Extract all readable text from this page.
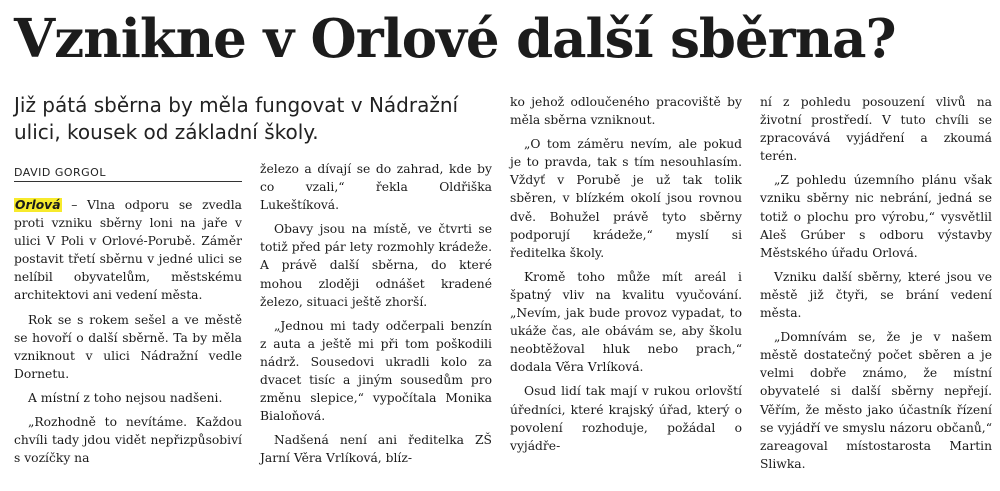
Vznikne v Orlové další sběrna?
Již pátá sběrna by měla fungovat v Nádražní ulici, kousek od základní školy.
DAVID GORGOL

Orlová – Vlna odporu se zvedla proti vzniku sběrny loni na jaře v ulici V Poli v Orlové-Porubě. Záměr postavit třetí sběrnu v jedné ulici se nelíbil obyvatelům, městskému architektovi ani vedení města.

Rok se s rokem sešel a ve městě se hovoří o další sběrně. Ta by měla vzniknout v ulici Nádražní vedle Dornetu.

A místní z toho nejsou nadšeni.

„Rozhodně to nevítáme. Každou chvíli tady jdou vidět nepřizpůsobiví s vozíčky na

železo a dívají se do zahrad, kde by co vzali,“ řekla Oldřiška Lukeštíková.

Obavy jsou na místě, ve čtvrti se totiž před pár lety rozmohly krádeže. A právě další sběrna, do které mohou zloději odnášet kradené železo, situaci ještě zhorší.

„Jednou mi tady odčerpali benzín z auta a ještě mi při tom poškodili nádrž. Sousedovi ukradli kolo za dvacet tisíc a jiným sousedům pro změnu slepice,“ vypočítala Monika Bialoňová.

Nadšená není ani ředitelka ZŠ Jarní Věra Vrlíková, blíz-

ko jehož odloučeného pracoviště by měla sběrna vzniknout.

„O tom záměru nevím, ale pokud je to pravda, tak s tím nesouhlasím. Vždyť v Porubě je už tak tolik sběren, v blízkém okolí jsou rovnou dvě. Bohužel právě tyto sběrny podporují krádeže,“ myslí si ředitelka školy.

Kromě toho může mít areál i špatný vliv na kvalitu vyučování. „Nevím, jak bude provoz vypadat, to ukáže čas, ale obávám se, aby školu neobtěžoval hluk nebo prach,“ dodala Věra Vrlíková.

Osud lidí tak mají v rukou orlovští úředníci, které krajský úřad, který o povolení rozhoduje, požádal o vyjádře-

ní z pohledu posouzení vlivů na životní prostředí. V tuto chvíli se zpracovává vyjádření a zkoumá terén.

„Z pohledu územního plánu však vzniku sběrny nic nebrání, jedná se totiž o plochu pro výrobu,“ vysvětlil Aleš Grúber s odboru výstavby Městského úřadu Orlová.

Vzniku další sběrny, které jsou ve městě již čtyři, se brání vedení města.

„Domnívám se, že je v našem městě dostatečný počet sběren a je velmi dobře známo, že místní obyvatelé si další sběrny nepřejí. Věřím, že město jako účastník řízení se vyjádří ve smyslu názoru občanů,“ zareagoval místostarosta Martin Sliwka.
